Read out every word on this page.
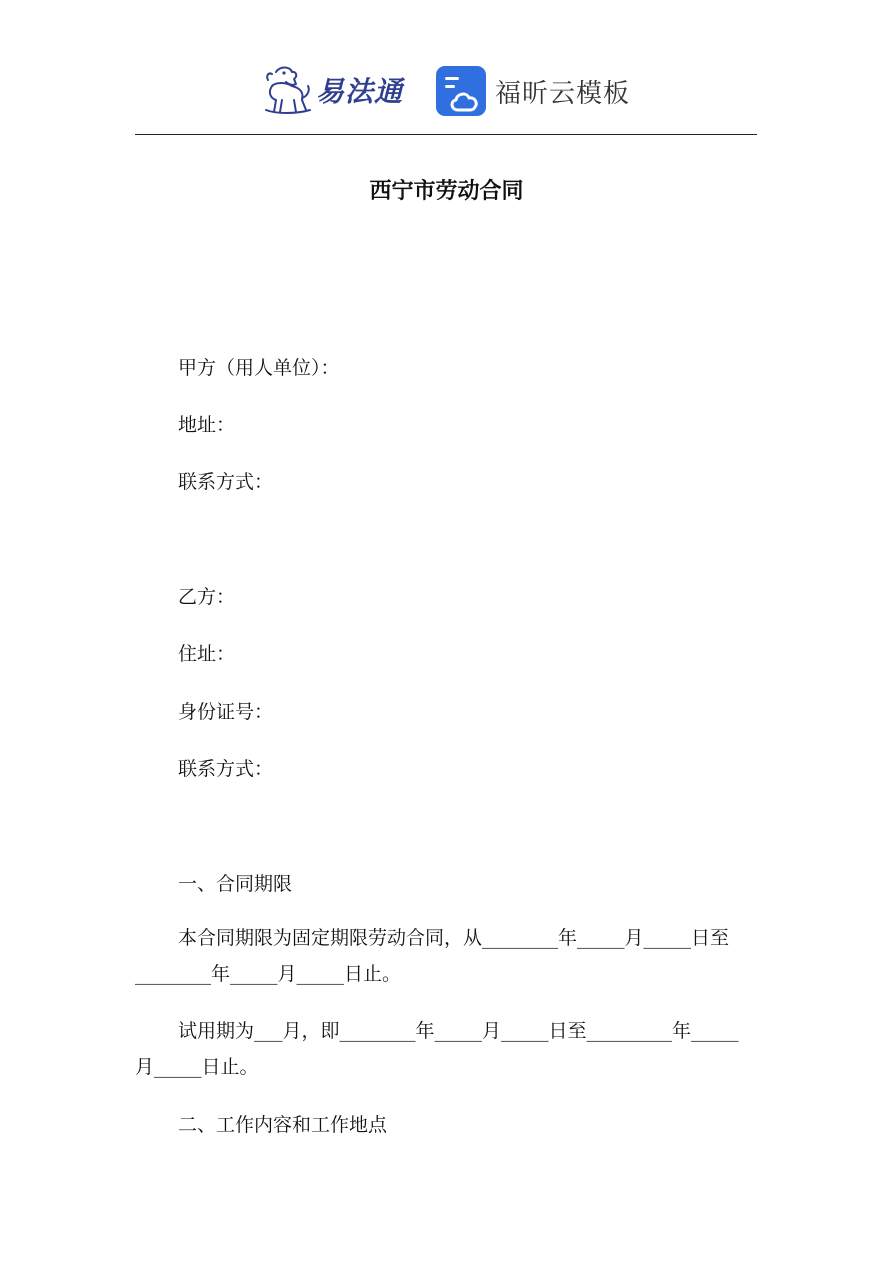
易法通	福昕云模板
西宁市劳动合同
甲方（用人单位）：
地址：
联系方式：
乙方：
住址：
身份证号：
联系方式：
一、合同期限
本合同期限为固定期限劳动合同，从________年_____月_____日至________年_____月_____日止。
试用期为___月，即________年_____月_____日至_________年_____月_____日止。
二、工作内容和工作地点
